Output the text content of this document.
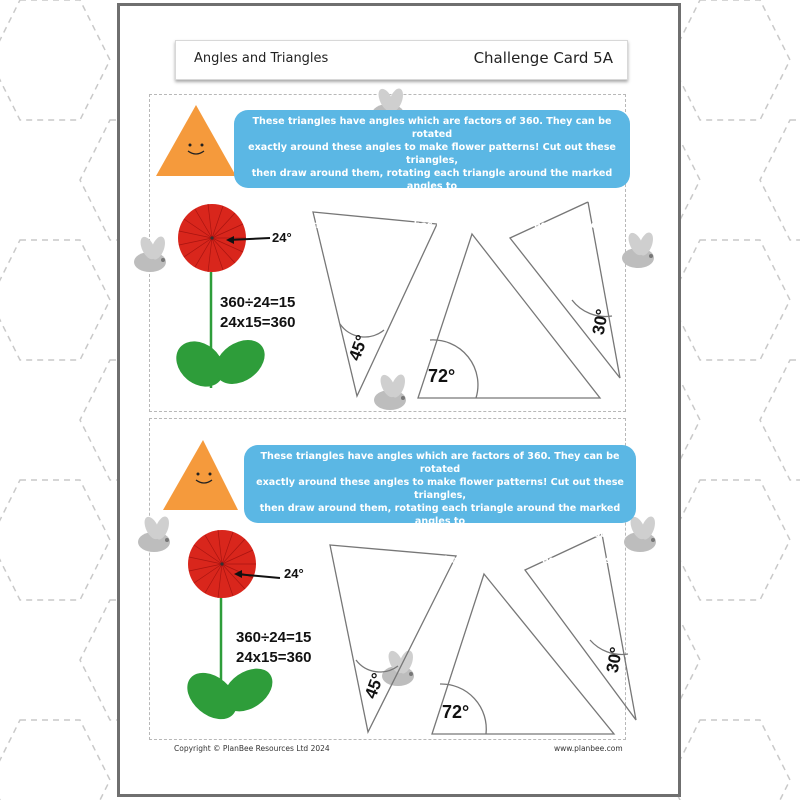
Angles and Triangles	Challenge Card 5A
These triangles have angles which are factors of 360. They can be rotated
exactly around these angles to make flower patterns! Cut out these triangles,
then draw around them, rotating each triangle around the marked angles to
make a pattern. Write number sentences to show how the 360° around the
centre point of each pattern has been divided into equal angles.
24°
360÷24=15
24x15=360
45°
72°
30°
These triangles have angles which are factors of 360. They can be rotated
exactly around these angles to make flower patterns! Cut out these triangles,
then draw around them, rotating each triangle around the marked angles to
make a pattern. Write number sentences to show how the 360° around the
centre point of each pattern has been divided into equal angles.
24°
360÷24=15
24x15=360
45°
72°
30°
Copyright © PlanBee Resources Ltd 2024	www.planbee.com
